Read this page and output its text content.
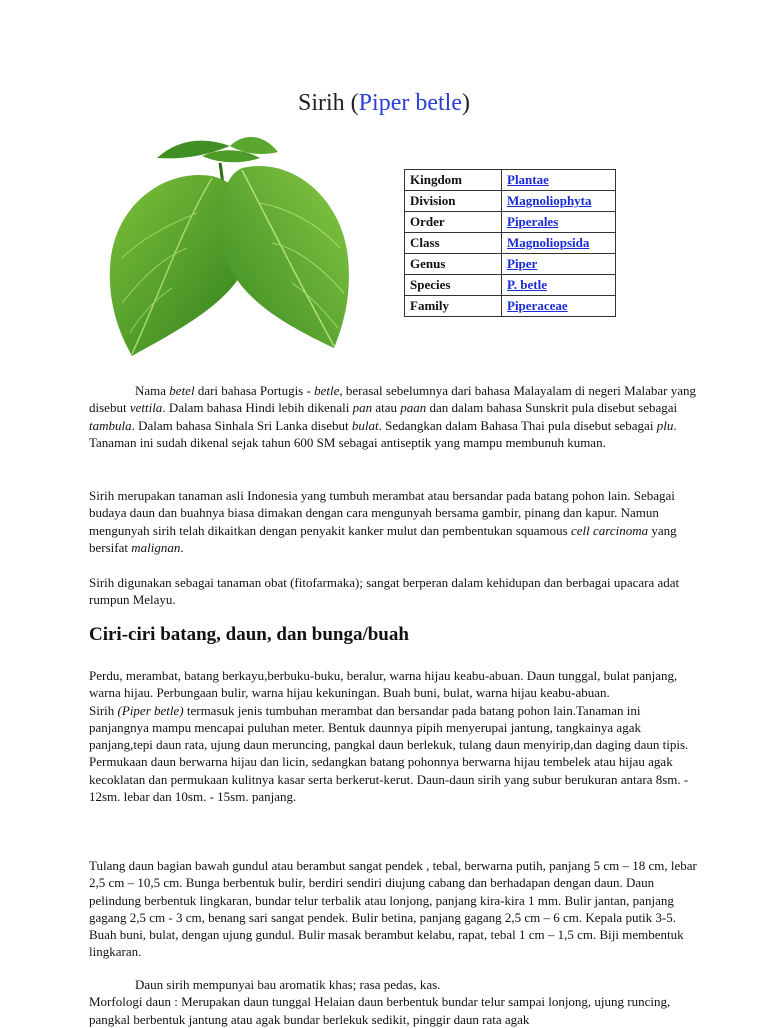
Sirih (Piper betle)
Kingdom	Plantae
Division	Magnoliophyta
Order	Piperales
Class	Magnoliopsida
Genus	Piper
Species	P. betle
Family	Piperaceae

Nama betel dari bahasa Portugis - betle, berasal sebelumnya dari bahasa Malayalam di negeri Malabar yang disebut vettila. Dalam bahasa Hindi lebih dikenali pan atau paan dan dalam bahasa Sunskrit pula disebut sebagai tambula. Dalam bahasa Sinhala Sri Lanka disebut bulat. Sedangkan dalam Bahasa Thai pula disebut sebagai plu. Tanaman ini sudah dikenal sejak tahun 600 SM sebagai antiseptik yang mampu membunuh kuman.

Sirih merupakan tanaman asli Indonesia yang tumbuh merambat atau bersandar pada batang pohon lain. Sebagai budaya daun dan buahnya biasa dimakan dengan cara mengunyah bersama gambir, pinang dan kapur. Namun mengunyah sirih telah dikaitkan dengan penyakit kanker mulut dan pembentukan squamous cell carcinoma yang bersifat malignan.

Sirih digunakan sebagai tanaman obat (fitofarmaka); sangat berperan dalam kehidupan dan berbagai upacara adat rumpun Melayu.

Ciri-ciri batang, daun, dan bunga/buah

Perdu, merambat, batang berkayu,berbuku-buku, beralur, warna hijau keabu-abuan. Daun tunggal, bulat panjang, warna hijau. Perbungaan bulir, warna hijau kekuningan. Buah buni, bulat, warna hijau keabu-abuan.

Sirih (Piper betle) termasuk jenis tumbuhan merambat dan bersandar pada batang pohon lain.Tanaman ini panjangnya mampu mencapai puluhan meter. Bentuk daunnya pipih menyerupai jantung, tangkainya agak panjang,tepi daun rata, ujung daun meruncing, pangkal daun berlekuk, tulang daun menyirip,dan daging daun tipis. Permukaan daun berwarna hijau dan licin, sedangkan batang pohonnya berwarna hijau tembelek atau hijau agak kecoklatan dan permukaan kulitnya kasar serta berkerut-kerut. Daun-daun sirih yang subur berukuran antara 8sm. - 12sm. lebar dan 10sm. - 15sm. panjang.

Tulang daun bagian bawah gundul atau berambut sangat pendek , tebal, berwarna putih, panjang 5 cm – 18 cm, lebar 2,5 cm – 10,5 cm. Bunga berbentuk bulir, berdiri sendiri diujung cabang dan berhadapan dengan daun. Daun pelindung berbentuk lingkaran, bundar telur terbalik atau lonjong, panjang kira-kira 1 mm. Bulir jantan, panjang gagang 2,5 cm - 3 cm, benang sari sangat pendek. Bulir betina, panjang gagang 2,5 cm – 6 cm. Kepala putik 3-5. Buah buni, bulat, dengan ujung gundul. Bulir masak berambut kelabu, rapat, tebal 1 cm – 1,5 cm. Biji membentuk lingkaran.

Daun sirih mempunyai bau aromatik khas; rasa pedas, kas.

Morfologi daun : Merupakan daun tunggal Helaian daun berbentuk bundar telur sampai lonjong, ujung runcing, pangkal berbentuk jantung atau agak bundar berlekuk sedikit, pinggir daun rata agak
